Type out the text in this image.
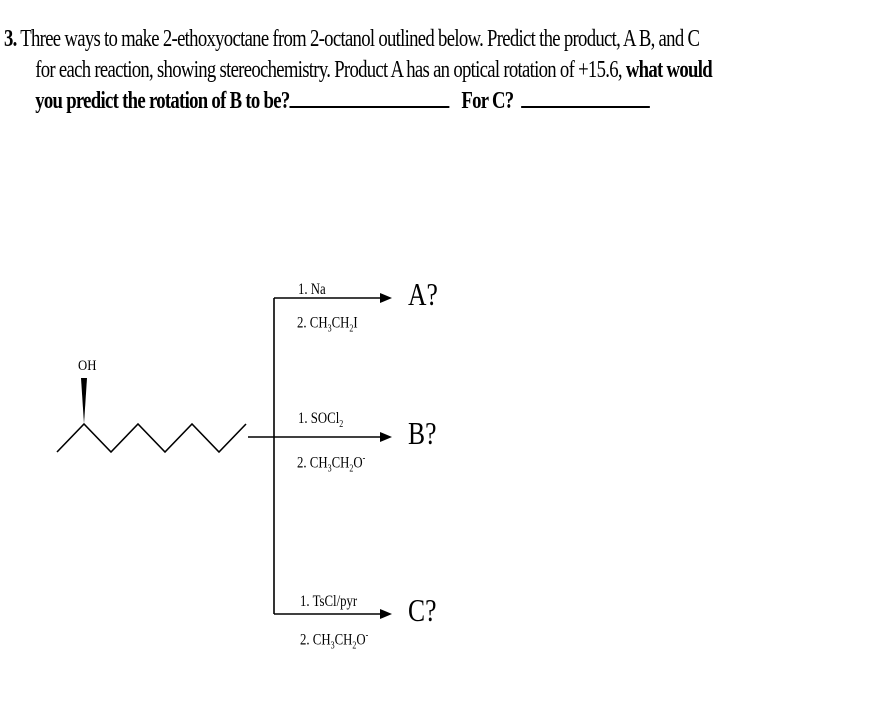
3. Three ways to make 2-ethoxyoctane from 2-octanol outlined below. Predict the product, A B, and C
for each reaction, showing stereochemistry. Product A has an optical rotation of +15.6, what would
you predict the rotation of B to be?	For C?
OH
1. Na
2. $CH_3CH_2I$
A?
1. SOCl$_2$
2. $CH_3CH_2O^-$
B?
1. TsCl/pyr
2. $CH_3CH_2O^-$
C?
